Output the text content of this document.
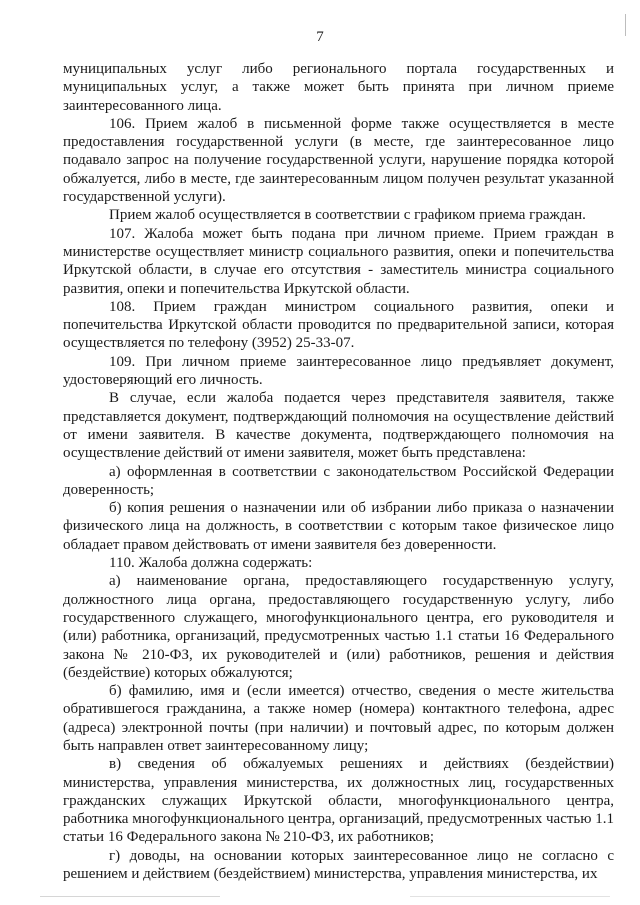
7

муниципальных услуг либо регионального портала государственных и муниципальных услуг, а также может быть принята при личном приеме заинтересованного лица.

106. Прием жалоб в письменной форме также осуществляется в месте предоставления государственной услуги (в месте, где заинтересованное лицо подавало запрос на получение государственной услуги, нарушение порядка которой обжалуется, либо в месте, где заинтересованным лицом получен результат указанной государственной услуги).

Прием жалоб осуществляется в соответствии с графиком приема граждан.

107. Жалоба может быть подана при личном приеме. Прием граждан в министерстве осуществляет министр социального развития, опеки и попечительства Иркутской области, в случае его отсутствия - заместитель министра социального развития, опеки и попечительства Иркутской области.

108. Прием граждан министром социального развития, опеки и попечительства Иркутской области проводится по предварительной записи, которая осуществляется по телефону (3952) 25-33-07.

109. При личном приеме заинтересованное лицо предъявляет документ, удостоверяющий его личность.

В случае, если жалоба подается через представителя заявителя, также представляется документ, подтверждающий полномочия на осуществление действий от имени заявителя. В качестве документа, подтверждающего полномочия на осуществление действий от имени заявителя, может быть представлена:

а) оформленная в соответствии с законодательством Российской Федерации доверенность;

б) копия решения о назначении или об избрании либо приказа о назначении физического лица на должность, в соответствии с которым такое физическое лицо обладает правом действовать от имени заявителя без доверенности.

110. Жалоба должна содержать:

а) наименование органа, предоставляющего государственную услугу, должностного лица органа, предоставляющего государственную услугу, либо государственного служащего, многофункционального центра, его руководителя и (или) работника, организаций, предусмотренных частью 1.1 статьи 16 Федерального закона № 210-ФЗ, их руководителей и (или) работников, решения и действия (бездействие) которых обжалуются;

б) фамилию, имя и (если имеется) отчество, сведения о месте жительства обратившегося гражданина, а также номер (номера) контактного телефона, адрес (адреса) электронной почты (при наличии) и почтовый адрес, по которым должен быть направлен ответ заинтересованному лицу;

в) сведения об обжалуемых решениях и действиях (бездействии) министерства, управления министерства, их должностных лиц, государственных гражданских служащих Иркутской области, многофункционального центра, работника многофункционального центра, организаций, предусмотренных частью 1.1 статьи 16 Федерального закона № 210-ФЗ, их работников;

г) доводы, на основании которых заинтересованное лицо не согласно с решением и действием (бездействием) министерства, управления министерства, их
